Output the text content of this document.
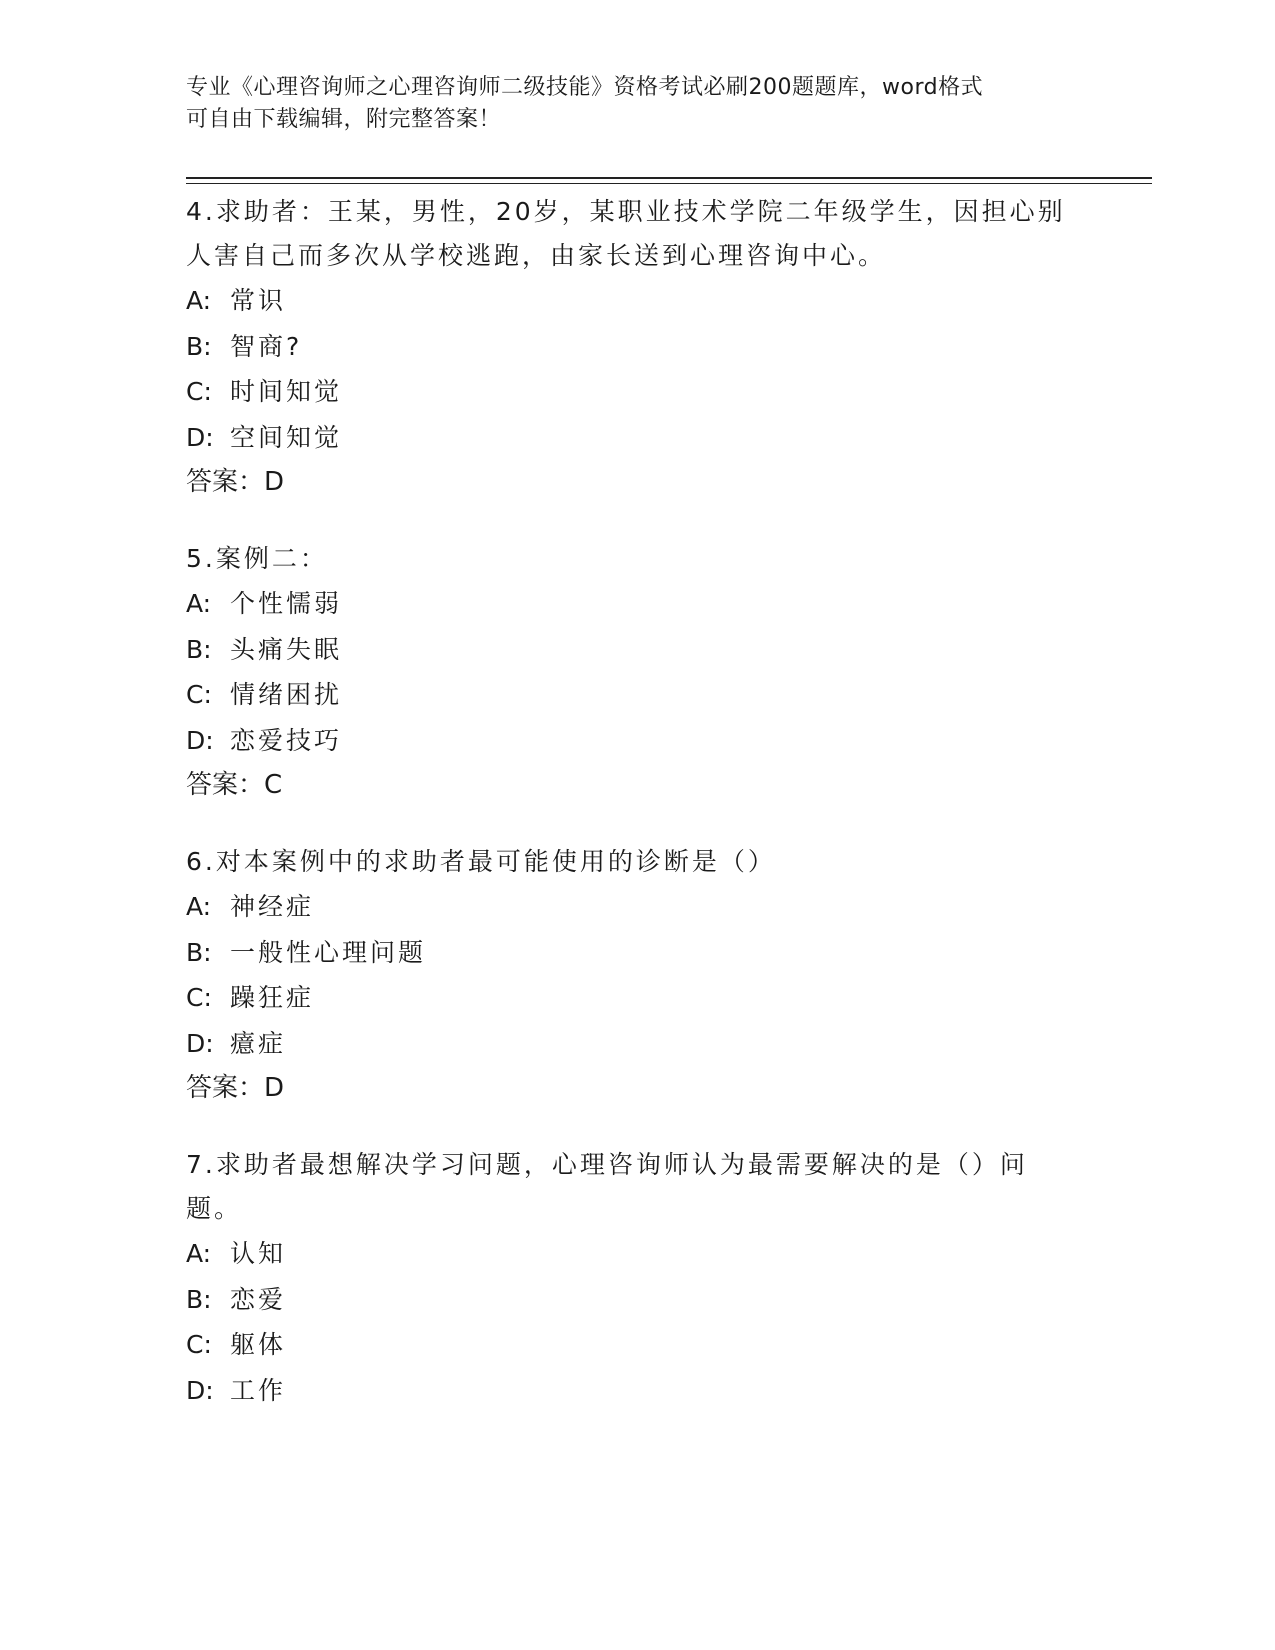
专业《心理咨询师之心理咨询师二级技能》资格考试必刷200题题库，word格式
可自由下载编辑，附完整答案！
4.求助者：王某，男性，20岁，某职业技术学院二年级学生，因担心别人害自己而多次从学校逃跑，由家长送到心理咨询中心。
A: 常识
B: 智商?
C: 时间知觉
D: 空间知觉
答案：D
5.案例二：
A: 个性懦弱
B: 头痛失眠
C: 情绪困扰
D: 恋爱技巧
答案：C
6.对本案例中的求助者最可能使用的诊断是（）
A: 神经症
B: 一般性心理问题
C: 躁狂症
D: 癔症
答案：D
7.求助者最想解决学习问题，心理咨询师认为最需要解决的是（）问题。
A: 认知
B: 恋爱
C: 躯体
D: 工作
